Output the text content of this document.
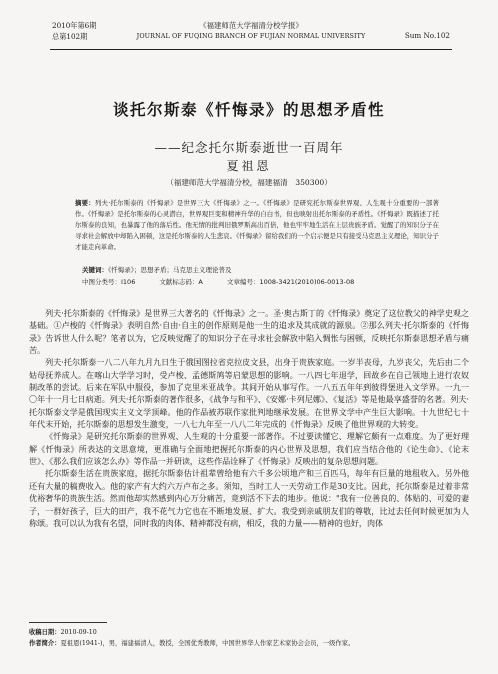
2010年第6期
总第102期
《福建师范大学福清分校学报》
JOURNAL OF FUQING BRANCH OF FUJIAN NORMAL UNIVERSITY	Sum No.102
谈托尔斯泰《忏悔录》的思想矛盾性
——纪念托尔斯泰逝世一百周年
夏祖恩
（福建师范大学福清分校，福建福清　350300）
摘要：列夫·托尔斯泰的《忏悔录》是世界三大《忏悔录》之一。《忏悔录》是研究托尔斯泰世界观、人生观十分重要的一部著作。《忏悔录》是托尔斯泰的心灵潜白，世界观巨变和精神升华的自白书，但也映射出托尔斯泰的矛盾性。《忏悔录》既描述了托尔斯泰的良知，也暴露了他的落后性。他无情的批判旧俄罗斯高出百倍，他也牢牢地生活在上层贵族矛盾。觉醒了的知识分子在寻求社会解放中却陷入困顿，这是托尔斯泰的人生悲哀。《忏悔录》留给我们的一个启示便是只有接受马克思主义理论，知识分子才能走向革命。
关键词：《忏悔录》；思想矛盾；马克思主义理论普及
中图分类号：I106	文献标志码：A	文章编号：1008-3421(2010)06-0013-08

列夫·托尔斯泰的《忏悔录》是世界三大著名的《忏悔录》之一。圣·奥古斯丁的《忏悔录》奠定了这位教父的神学史观之基础。①卢梭的《忏悔录》表明自然·自由·自主的创作原则是他一生的追求及其成就的源泉。②那么列夫·托尔斯泰的《忏悔录》告诉世人什么呢？笔者以为，它反映觉醒了的知识分子在寻求社会解放中陷入惆怅与困顿，反映托尔斯泰思想矛盾与痛苦。

列夫·托尔斯泰一八二八年九月九日生于俄国图拉省克拉皮文县，出身于贵族家庭。一岁半丧母，九岁丧父，先后由二个姑母抚养成人。在喀山大学学习时，受卢梭、孟德斯鸠等启蒙思想的影响。一八四七年退学，回故乡在自己领地上进行农奴制改革的尝试。后来在军队中服役，参加了克里米亚战争。其间开始从事写作。一八五五年年到彼得堡进入文学界。一九一〇年十一月七日病逝。列夫·托尔斯泰的著作很多，《战争与和平》、《安娜·卡列尼娜》、《复活》等是他最享盛誉的名著。列夫·托尔斯泰文学是俄国现实主义文学顶峰。他的作品被苏联作家批判地继承发展。在世界文学中产生巨大影响。十九世纪七十年代末开始，托尔斯泰的思想发生激变，一八七九年至一八八二年完成的《忏悔录》反映了他世界观的大转变。

《忏悔录》是研究托尔斯泰的世界观、人生观的十分重要一部著作。不过要读懂它、理解它颇有一点难度。为了更好理解《忏悔录》所表达的文思意境，更准确与全面地把握托尔斯泰的内心世界及思想，我们应当结合他的《论生命》、《论末世》、《那么我们应该怎么办》等作品一并研读，这些作品诠释了《忏悔录》反映出的复杂思想问题。

托尔斯泰生活在贵族家庭，据托尔斯泰估计祖辈曾给他有六千多公顷地产和三百匹马，每年有巨量的地租收入。另外他还有大量的稿费收入。他的家产有大约六万卢布之多。须知，当时工人一天劳动工作是30支比。因此，托尔斯泰是过着非常优裕奢华的贵族生活。然而他却实然感到内心万分痛苦，竟到活不下去的地步。他说："我有一位善良的、体贴的、可爱的妻子，一群好孩子，巨大的田产，我不花气力它也在不断地发展、扩大。我受到亲戚朋友们的尊敬，比过去任何时候更加为人称颂。我可以认为我有名望，同时我的肉体、精神都没有病，相反，我的力量——精神的也好，肉体

收稿日期：2010-09-10
作者简介：夏祖恩(1941-)，男，福建福清人，教授，全国优秀教师，中国世界华人作家艺术家协会会员，一级作家。
